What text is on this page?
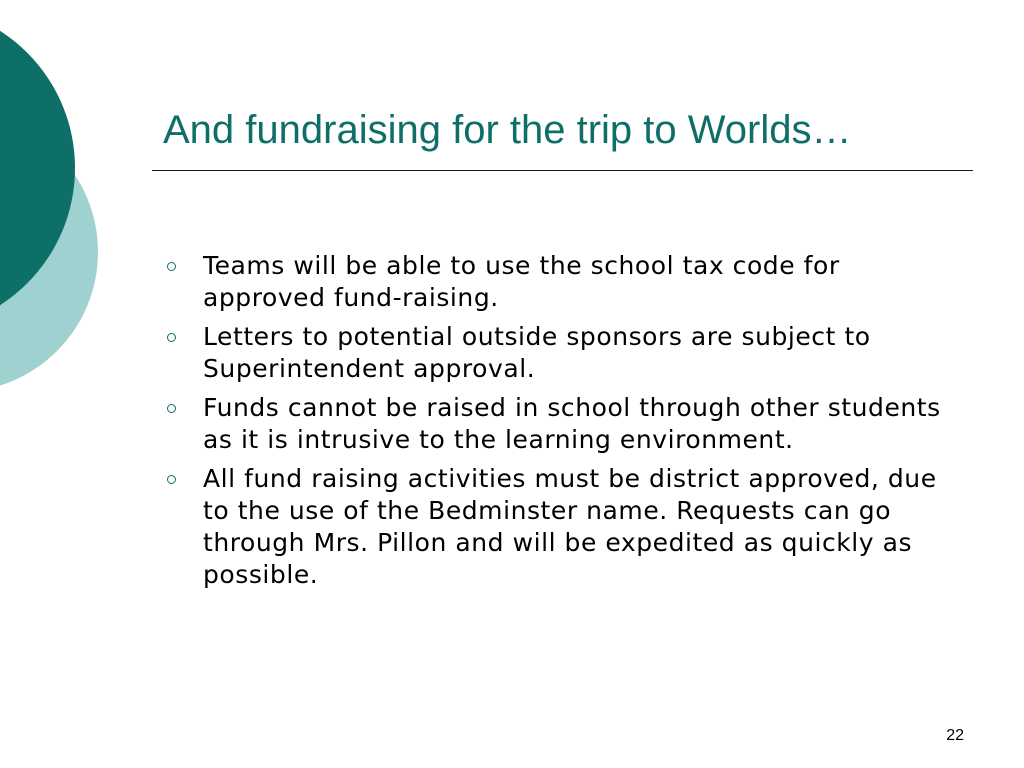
And fundraising for the trip to Worlds…
Teams will be able to use the school tax code for approved fund-raising.
Letters to potential outside sponsors are subject to Superintendent approval.
Funds cannot be raised in school through other students as it is intrusive to the learning environment.
All fund raising activities must be district approved, due to the use of the Bedminster name. Requests can go through Mrs. Pillon and will be expedited as quickly as possible.
22
